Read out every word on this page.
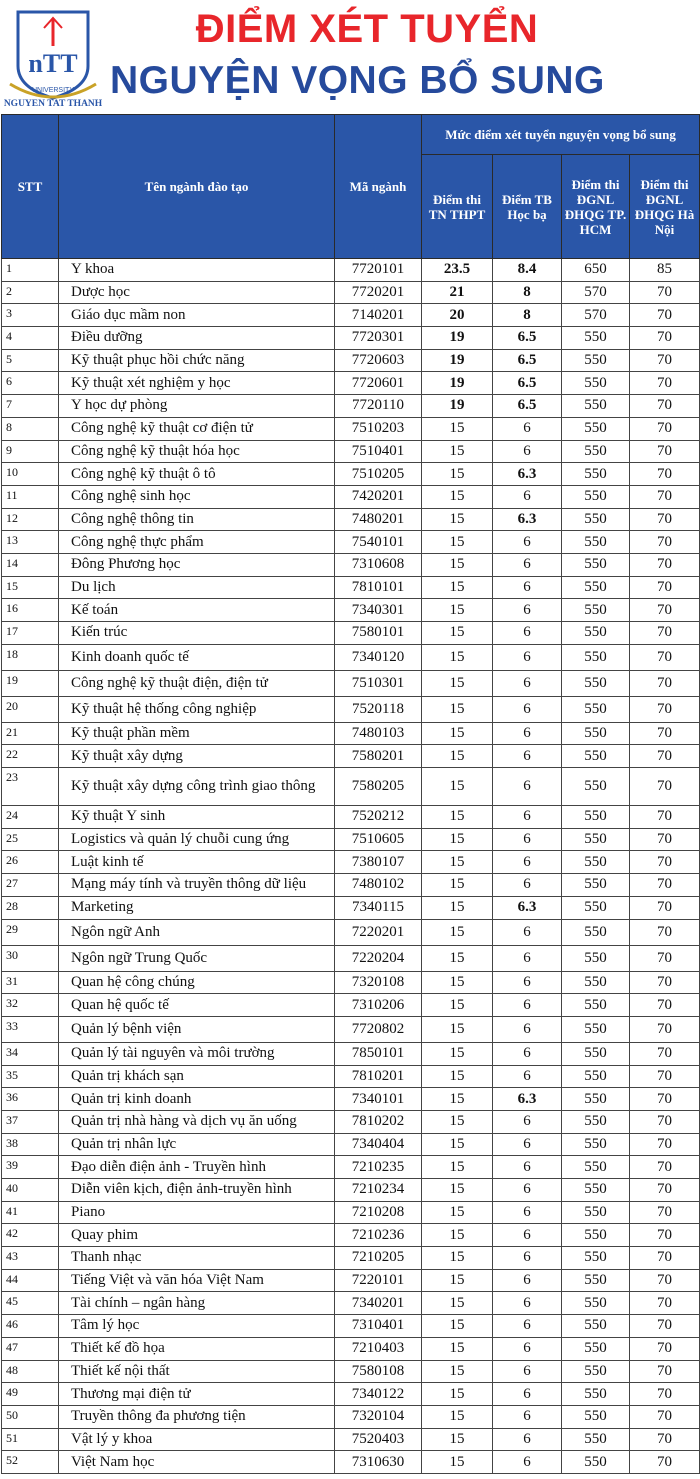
nTT
UNIVERSITY
NGUYEN TAT THANH
ĐIỂM XÉT TUYỂN
NGUYỆN VỌNG BỔ SUNG
STT	Tên ngành đào tạo	Mã ngành	Mức điểm xét tuyển nguyện vọng bổ sung			
			Điểm thi TN THPT	Điểm TB Học bạ	Điểm thi ĐGNL ĐHQG TP. HCM	Điểm thi ĐGNL ĐHQG Hà Nội
1	Y khoa	7720101	23.5	8.4	650	85
2	Dược học	7720201	21	8	570	70
3	Giáo dục mầm non	7140201	20	8	570	70
4	Điều dưỡng	7720301	19	6.5	550	70
5	Kỹ thuật phục hồi chức năng	7720603	19	6.5	550	70
6	Kỹ thuật xét nghiệm y học	7720601	19	6.5	550	70
7	Y học dự phòng	7720110	19	6.5	550	70
8	Công nghệ kỹ thuật cơ điện tử	7510203	15	6	550	70
9	Công nghệ kỹ thuật hóa học	7510401	15	6	550	70
10	Công nghệ kỹ thuật ô tô	7510205	15	6.3	550	70
11	Công nghệ sinh học	7420201	15	6	550	70
12	Công nghệ thông tin	7480201	15	6.3	550	70
13	Công nghệ thực phẩm	7540101	15	6	550	70
14	Đông Phương học	7310608	15	6	550	70
15	Du lịch	7810101	15	6	550	70
16	Kế toán	7340301	15	6	550	70
17	Kiến trúc	7580101	15	6	550	70
18	Kinh doanh quốc tế	7340120	15	6	550	70
19	Công nghệ kỹ thuật điện, điện tử	7510301	15	6	550	70
20	Kỹ thuật hệ thống công nghiệp	7520118	15	6	550	70
21	Kỹ thuật phần mềm	7480103	15	6	550	70
22	Kỹ thuật xây dựng	7580201	15	6	550	70
23	Kỹ thuật xây dựng công trình giao thông	7580205	15	6	550	70
24	Kỹ thuật Y sinh	7520212	15	6	550	70
25	Logistics và quản lý chuỗi cung ứng	7510605	15	6	550	70
26	Luật kinh tế	7380107	15	6	550	70
27	Mạng máy tính và truyền thông dữ liệu	7480102	15	6	550	70
28	Marketing	7340115	15	6.3	550	70
29	Ngôn ngữ Anh	7220201	15	6	550	70
30	Ngôn ngữ Trung Quốc	7220204	15	6	550	70
31	Quan hệ công chúng	7320108	15	6	550	70
32	Quan hệ quốc tế	7310206	15	6	550	70
33	Quản lý bệnh viện	7720802	15	6	550	70
34	Quản lý tài nguyên và môi trường	7850101	15	6	550	70
35	Quản trị khách sạn	7810201	15	6	550	70
36	Quản trị kinh doanh	7340101	15	6.3	550	70
37	Quản trị nhà hàng và dịch vụ ăn uống	7810202	15	6	550	70
38	Quản trị nhân lực	7340404	15	6	550	70
39	Đạo diễn điện ảnh - Truyền hình	7210235	15	6	550	70
40	Diễn viên kịch, điện ảnh-truyền hình	7210234	15	6	550	70
41	Piano	7210208	15	6	550	70
42	Quay phim	7210236	15	6	550	70
43	Thanh nhạc	7210205	15	6	550	70
44	Tiếng Việt và văn hóa Việt Nam	7220101	15	6	550	70
45	Tài chính – ngân hàng	7340201	15	6	550	70
46	Tâm lý học	7310401	15	6	550	70
47	Thiết kế đồ họa	7210403	15	6	550	70
48	Thiết kế nội thất	7580108	15	6	550	70
49	Thương mại điện tử	7340122	15	6	550	70
50	Truyền thông đa phương tiện	7320104	15	6	550	70
51	Vật lý y khoa	7520403	15	6	550	70
52	Việt Nam học	7310630	15	6	550	70
